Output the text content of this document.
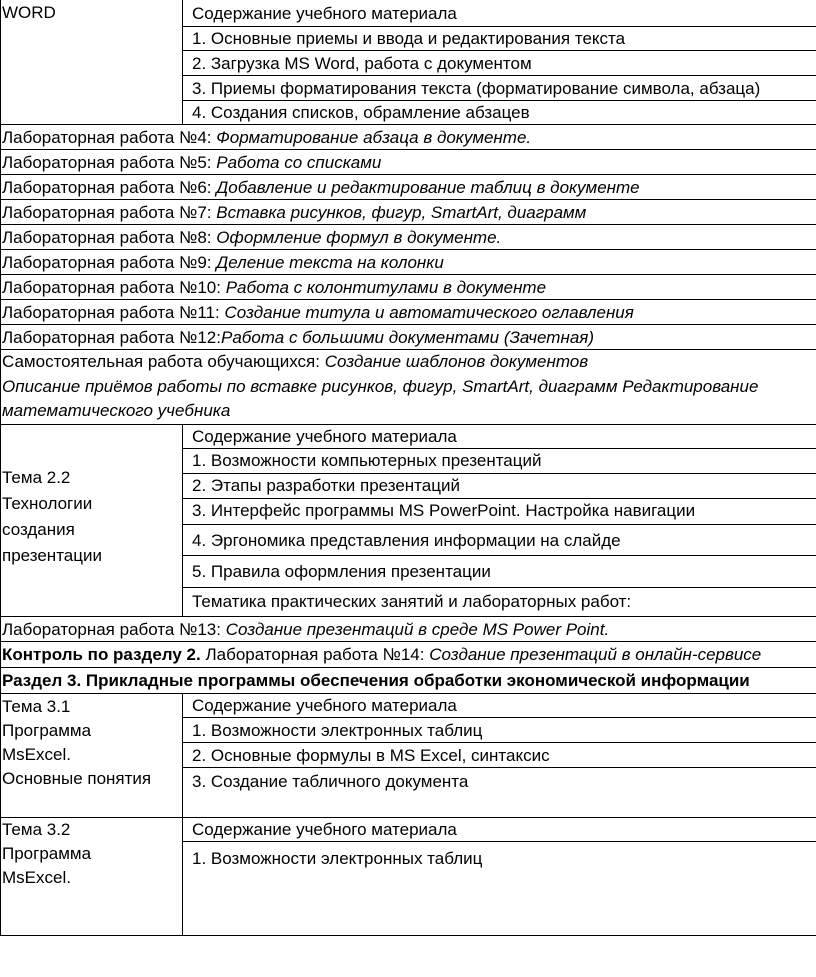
WORD	Содержание учебного материала
1. Основные приемы и ввода и редактирования текста
2. Загрузка MS Word, работа с документом
3. Приемы форматирования текста (форматирование символа, абзаца)
4. Создания списков, обрамление абзацев
Лабораторная работа №4: Форматирование абзаца в документе.
Лабораторная работа №5: Работа со списками
Лабораторная работа №6: Добавление и редактирование таблиц в документе
Лабораторная работа №7: Вставка рисунков, фигур, SmartArt, диаграмм
Лабораторная работа №8: Оформление формул в документе.
Лабораторная работа №9: Деление текста на колонки
Лабораторная работа №10: Работа с колонтитулами в документе
Лабораторная работа №11: Создание титула и автоматического оглавления
Лабораторная работа №12:Работа с большими документами (Зачетная)
Самостоятельная работа обучающихся: Создание шаблонов документов
Описание приёмов работы по вставке рисунков, фигур, SmartArt, диаграмм Редактирование
математического учебника
Тема 2.2
Технологии
создания
презентации
Содержание учебного материала
1. Возможности компьютерных презентаций
2. Этапы разработки презентаций
3. Интерфейс программы MS PowerPoint. Настройка навигации
4. Эргономика представления информации на слайде
5. Правила оформления презентации
Тематика практических занятий и лабораторных работ:
Лабораторная работа №13: Создание презентаций в среде MS Power Point.
Контроль по разделу 2. Лабораторная работа №14: Создание презентаций в онлайн-сервисе
Раздел 3. Прикладные программы обеспечения обработки экономической информации
Тема 3.1
Программа
MsExcel.
Основные понятия
Содержание учебного материала
1. Возможности электронных таблиц
2. Основные формулы в MS Excel, синтаксис
3. Создание табличного документа
Тема 3.2
Программа
MsExcel.
Содержание учебного материала
1. Возможности электронных таблиц
